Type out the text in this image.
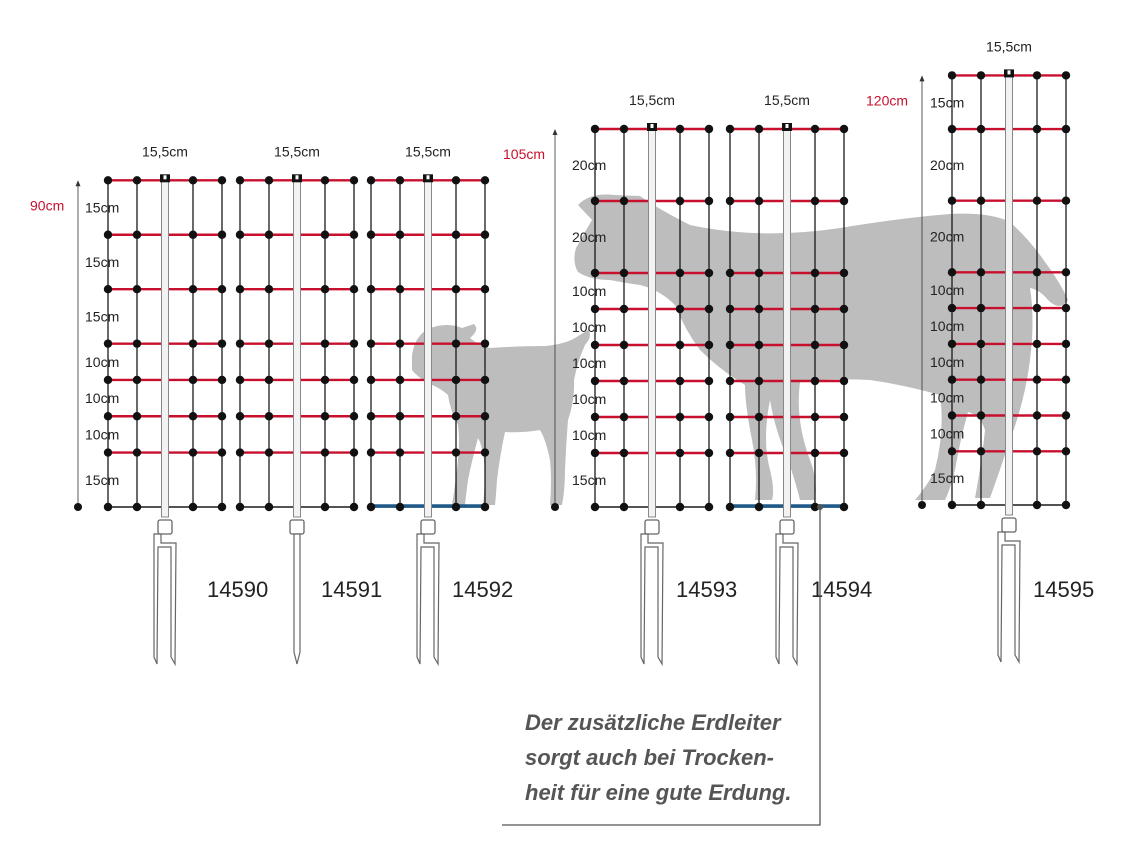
15,5cm
14590
15,5cm
14591
15,5cm
14592
15,5cm
14593
15,5cm
14594
15,5cm
14595
90cm 15cm
15cm
15cm
10cm
10cm
10cm
15cm
105cm
20cm
20cm
10cm
10cm
10cm
10cm
10cm
15cm
120cm 15cm
20cm
20cm
10cm
10cm
10cm
10cm
10cm
15cm
Der zusätzliche Erdleiter
sorgt auch bei Trocken-
heit für eine gute Erdung.
